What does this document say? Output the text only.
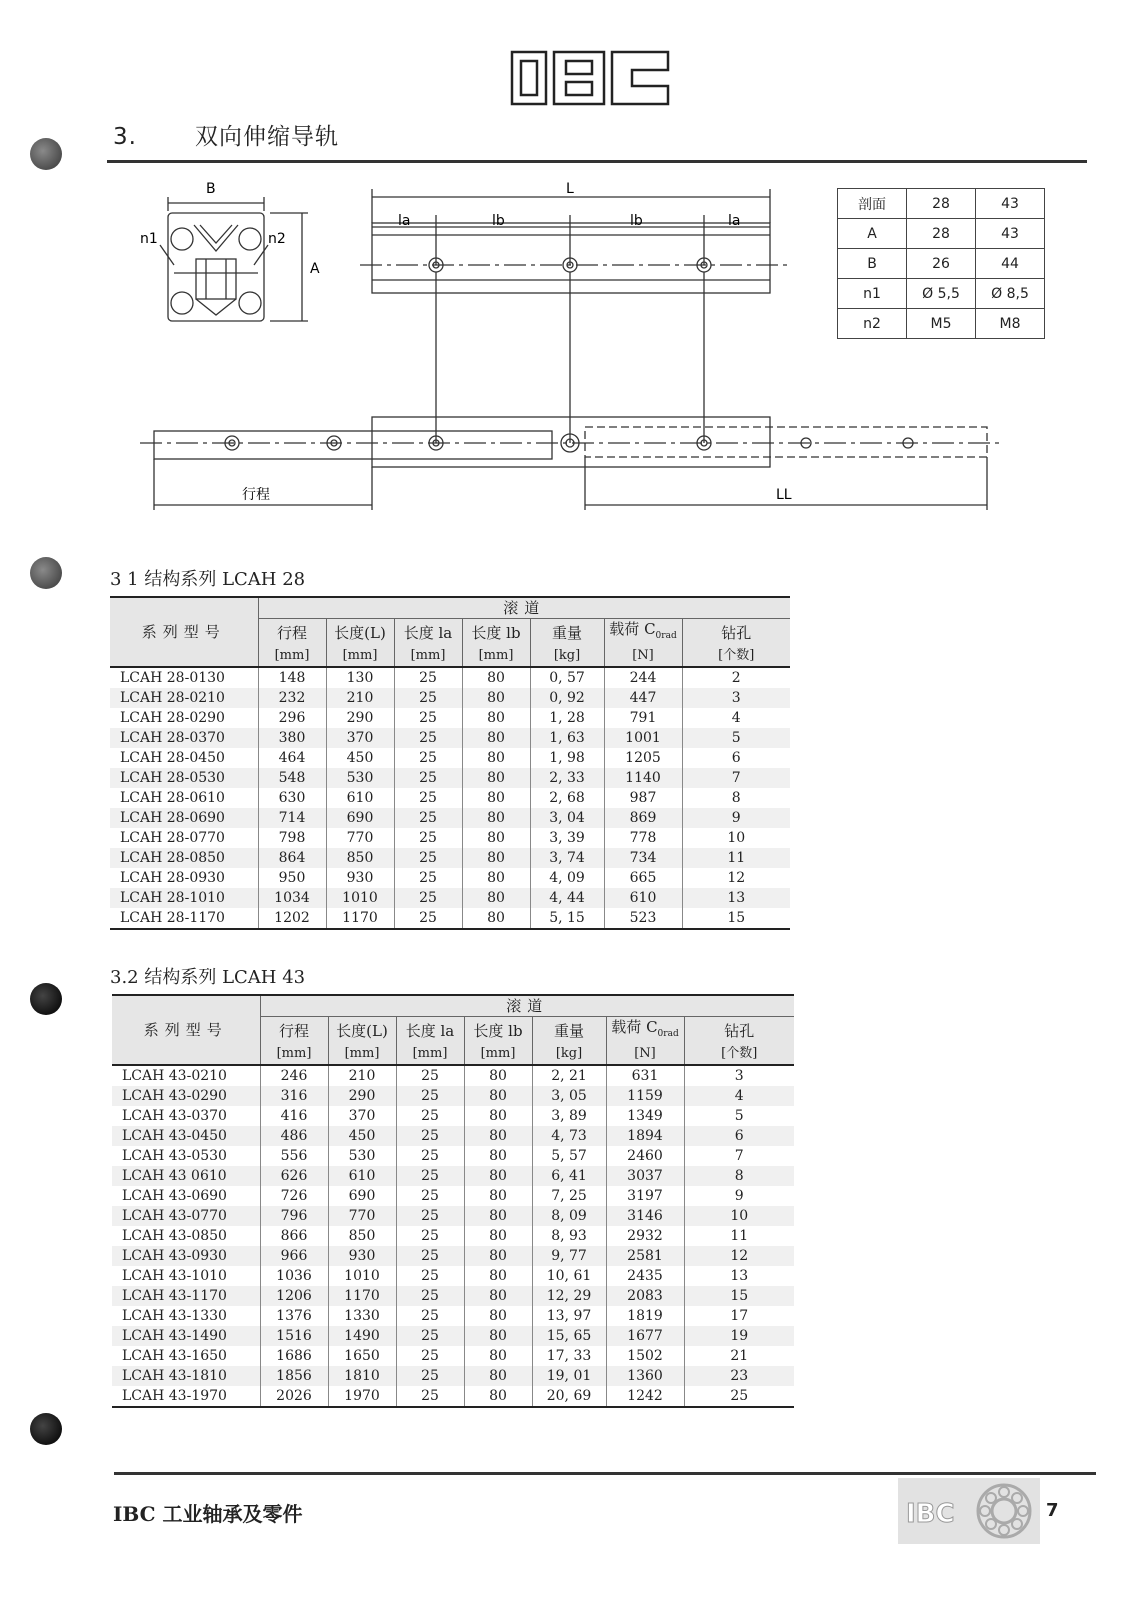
IBC
3.	双向伸缩导轨
B
A
n1	n2
L
la	lb	lb	la
行程	LL
剖面	28	43
A	28	43
B	26	44
n1	Ø 5,5	Ø 8,5
n2	M5	M8
3 1 结构系列 LCAH 28
系列型号	滚道						
	行程	长度(L)	长度 la	长度 lb	重量	载荷 $C_{0rad}$	钻孔
	[mm]	[mm]	[mm]	[mm]	[kg]	[N]	[个数]
LCAH 28-0130	148	130	25	80	0, 57	244	2
LCAH 28-0210	232	210	25	80	0, 92	447	3
LCAH 28-0290	296	290	25	80	1, 28	791	4
LCAH 28-0370	380	370	25	80	1, 63	1001	5
LCAH 28-0450	464	450	25	80	1, 98	1205	6
LCAH 28-0530	548	530	25	80	2, 33	1140	7
LCAH 28-0610	630	610	25	80	2, 68	987	8
LCAH 28-0690	714	690	25	80	3, 04	869	9
LCAH 28-0770	798	770	25	80	3, 39	778	10
LCAH 28-0850	864	850	25	80	3, 74	734	11
LCAH 28-0930	950	930	25	80	4, 09	665	12
LCAH 28-1010	1034	1010	25	80	4, 44	610	13
LCAH 28-1170	1202	1170	25	80	5, 15	523	15
3.2 结构系列 LCAH 43
系列型号	滚道						
	行程	长度(L)	长度 la	长度 lb	重量	载荷 $C_{0rad}$	钻孔
	[mm]	[mm]	[mm]	[mm]	[kg]	[N]	[个数]
LCAH 43-0210	246	210	25	80	2, 21	631	3
LCAH 43-0290	316	290	25	80	3, 05	1159	4
LCAH 43-0370	416	370	25	80	3, 89	1349	5
LCAH 43-0450	486	450	25	80	4, 73	1894	6
LCAH 43-0530	556	530	25	80	5, 57	2460	7
LCAH 43 0610	626	610	25	80	6, 41	3037	8
LCAH 43-0690	726	690	25	80	7, 25	3197	9
LCAH 43-0770	796	770	25	80	8, 09	3146	10
LCAH 43-0850	866	850	25	80	8, 93	2932	11
LCAH 43-0930	966	930	25	80	9, 77	2581	12
LCAH 43-1010	1036	1010	25	80	10, 61	2435	13
LCAH 43-1170	1206	1170	25	80	12, 29	2083	15
LCAH 43-1330	1376	1330	25	80	13, 97	1819	17
LCAH 43-1490	1516	1490	25	80	15, 65	1677	19
LCAH 43-1650	1686	1650	25	80	17, 33	1502	21
LCAH 43-1810	1856	1810	25	80	19, 01	1360	23
LCAH 43-1970	2026	1970	25	80	20, 69	1242	25
IBC 工业轴承及零件	IBC	7
